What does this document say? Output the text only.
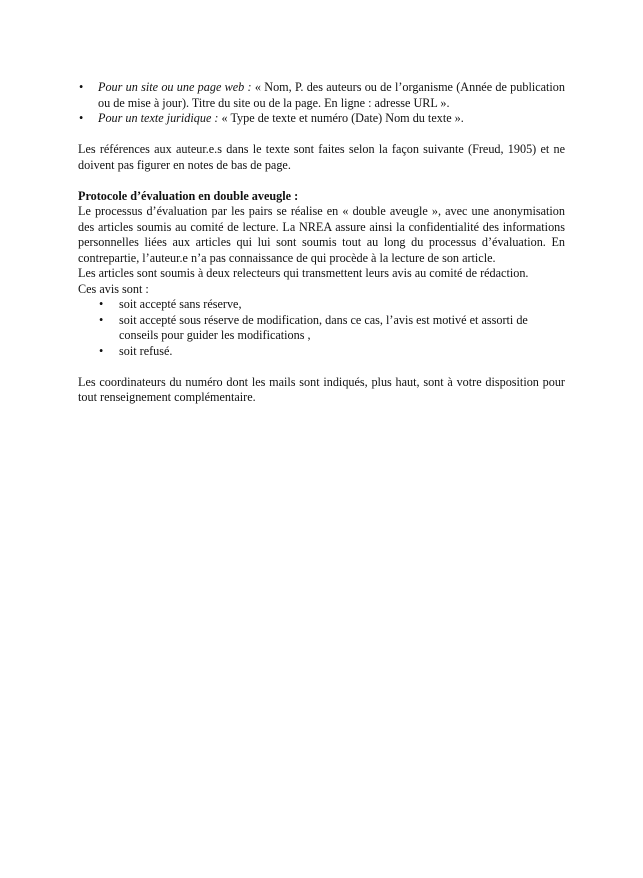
• Pour un site ou une page web : « Nom, P. des auteurs ou de l’organisme (Année de publication ou de mise à jour). Titre du site ou de la page. En ligne : adresse URL ».
• Pour un texte juridique : « Type de texte et numéro (Date) Nom du texte ».

Les références aux auteur.e.s dans le texte sont faites selon la façon suivante (Freud, 1905) et ne doivent pas figurer en notes de bas de page.

Protocole d’évaluation en double aveugle :

Le processus d’évaluation par les pairs se réalise en « double aveugle », avec une anonymisation des articles soumis au comité de lecture. La NREA assure ainsi la confidentialité des informations personnelles liées aux articles qui lui sont soumis tout au long du processus d’évaluation. En contrepartie, l’auteur.e n’a pas connaissance de qui procède à la lecture de son article.

Les articles sont soumis à deux relecteurs qui transmettent leurs avis au comité de rédaction.

Ces avis sont :

• soit accepté sans réserve,
• soit accepté sous réserve de modification, dans ce cas, l’avis est motivé et assorti de conseils pour guider les modifications ,
• soit refusé.

Les coordinateurs du numéro dont les mails sont indiqués, plus haut, sont à votre disposition pour tout renseignement complémentaire.
